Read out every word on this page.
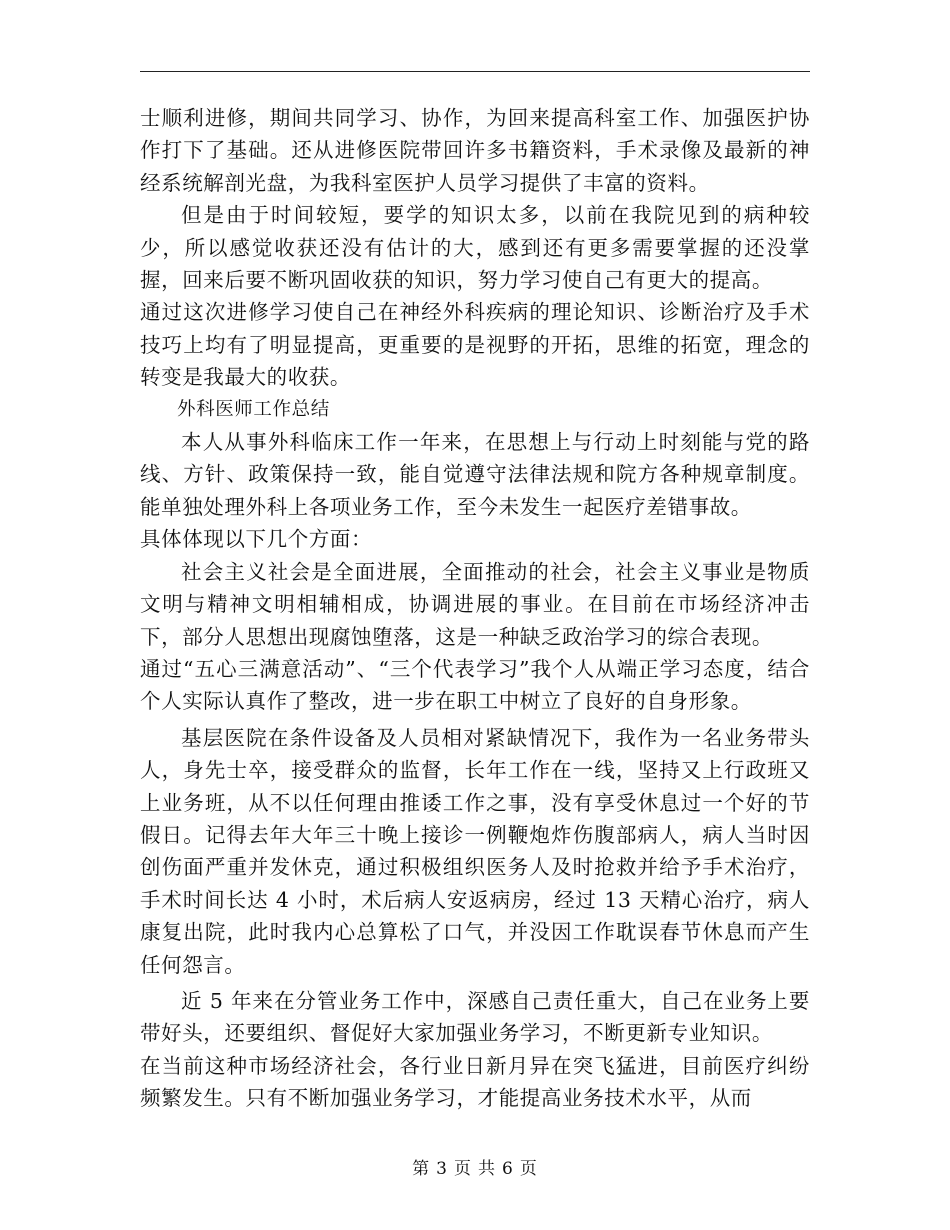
士顺利进修，期间共同学习、协作，为回来提高科室工作、加强医护协作打下了基础。还从进修医院带回许多书籍资料，手术录像及最新的神经系统解剖光盘，为我科室医护人员学习提供了丰富的资料。

但是由于时间较短，要学的知识太多，以前在我院见到的病种较少，所以感觉收获还没有估计的大，感到还有更多需要掌握的还没掌握，回来后要不断巩固收获的知识，努力学习使自己有更大的提高。

通过这次进修学习使自己在神经外科疾病的理论知识、诊断治疗及手术技巧上均有了明显提高，更重要的是视野的开拓，思维的拓宽，理念的转变是我最大的收获。

外科医师工作总结

本人从事外科临床工作一年来，在思想上与行动上时刻能与党的路线、方针、政策保持一致，能自觉遵守法律法规和院方各种规章制度。能单独处理外科上各项业务工作，至今未发生一起医疗差错事故。

具体体现以下几个方面：

社会主义社会是全面进展，全面推动的社会，社会主义事业是物质文明与精神文明相辅相成，协调进展的事业。在目前在市场经济冲击下，部分人思想出现腐蚀堕落，这是一种缺乏政治学习的综合表现。

通过“五心三满意活动”、“三个代表学习”我个人从端正学习态度，结合个人实际认真作了整改，进一步在职工中树立了良好的自身形象。

基层医院在条件设备及人员相对紧缺情况下，我作为一名业务带头人，身先士卒，接受群众的监督，长年工作在一线，坚持又上行政班又上业务班，从不以任何理由推诿工作之事，没有享受休息过一个好的节假日。记得去年大年三十晚上接诊一例鞭炮炸伤腹部病人，病人当时因创伤面严重并发休克，通过积极组织医务人及时抢救并给予手术治疗，手术时间长达 4 小时，术后病人安返病房，经过 13 天精心治疗，病人康复出院，此时我内心总算松了口气，并没因工作耽误春节休息而产生任何怨言。

近 5 年来在分管业务工作中，深感自己责任重大，自己在业务上要带好头，还要组织、督促好大家加强业务学习，不断更新专业知识。

在当前这种市场经济社会，各行业日新月异在突飞猛进，目前医疗纠纷频繁发生。只有不断加强业务学习，才能提高业务技术水平，从而

第 3 页 共 6 页
